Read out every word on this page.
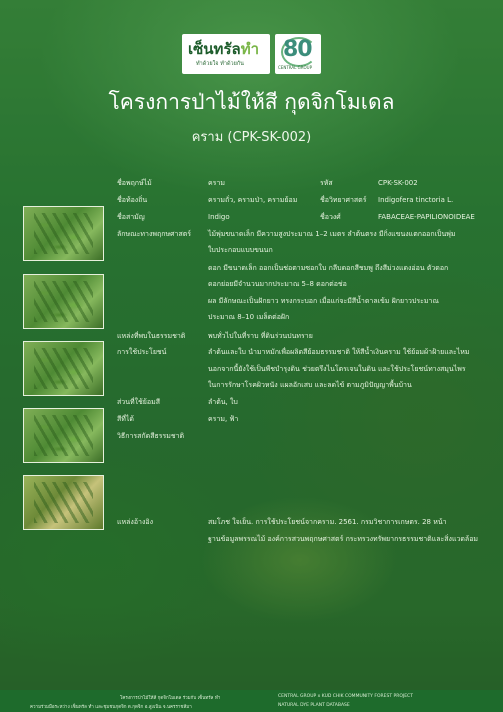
เซ็นทรัลทำ
ทำด้วยใจ ทำด้วยกัน
80
CENTRAL GROUP
โครงการป่าไม้ให้สี กุดจิกโมเดล
คราม (CPK-SK-002)
ชื่อพฤกษ์ไม้	คราม	รหัส	CPK-SK-002
ชื่อท้องถิ่น	ครามถั่ว, ครามป่า, ครามย้อม	ชื่อวิทยาศาสตร์ Indigofera tinctoria L.
ชื่อสามัญ	Indigo	ชื่อวงศ์	FABACEAE-PAPILIONOIDEAE
ลักษณะทางพฤกษศาสตร์ ไม้พุ่มขนาดเล็ก มีความสูงประมาณ 1–2 เมตร ลำต้นตรง มีกิ่งแขนงแตกออกเป็นพุ่ม
ใบประกอบแบบขนนก
ดอก มีขนาดเล็ก ออกเป็นช่อตามซอกใบ กลีบดอกสีชมพู ถึงสีม่วงแดงอ่อน ตัวดอก
ดอกย่อยมีจำนวนมากประมาณ 5–8 ดอกต่อช่อ
ผล มีลักษณะเป็นฝักยาว ทรงกระบอก เมื่อแก่จะมีสีน้ำตาลเข้ม ฝักยาวประมาณ
ประมาณ 8–10 เมล็ดต่อฝัก
แหล่งที่พบในธรรมชาติ	พบทั่วไปในที่ราบ ที่ดินร่วนปนทราย
การใช้ประโยชน์	ลำต้นและใบ นำมาหมักเพื่อผลิตสีย้อมธรรมชาติ ให้สีน้ำเงินคราม ใช้ย้อมผ้าฝ้ายและไหม
นอกจากนี้ยังใช้เป็นพืชบำรุงดิน ช่วยตรึงไนโตรเจนในดิน และใช้ประโยชน์ทางสมุนไพร
ในการรักษาโรคผิวหนัง แผลอักเสบ และลดไข้ ตามภูมิปัญญาพื้นบ้าน
ส่วนที่ใช้ย้อมสี	ลำต้น, ใบ
สีที่ได้	คราม, ฟ้า
วิธีการสกัดสีธรรมชาติ
แหล่งอ้างอิง	สมโภช ใจเย็น. การใช้ประโยชน์จากคราม. 2561. กรมวิชาการเกษตร. 28 หน้า
ฐานข้อมูลพรรณไม้ องค์การสวนพฤกษศาสตร์ กระทรวงทรัพยากรธรรมชาติและสิ่งแวดล้อม
โครงการป่าไม้ให้สี กุดจิกโมเดล ร่วมกับ เซ็นทรัล ทำ
ความร่วมมือระหว่าง เซ็นทรัล ทำ และชุมชนกุดจิก ต.กุดจิก อ.สูงเนิน จ.นครราชสีมา
CENTRAL GROUP x KUD CHIK COMMUNITY FOREST PROJECT
NATURAL DYE PLANT DATABASE
